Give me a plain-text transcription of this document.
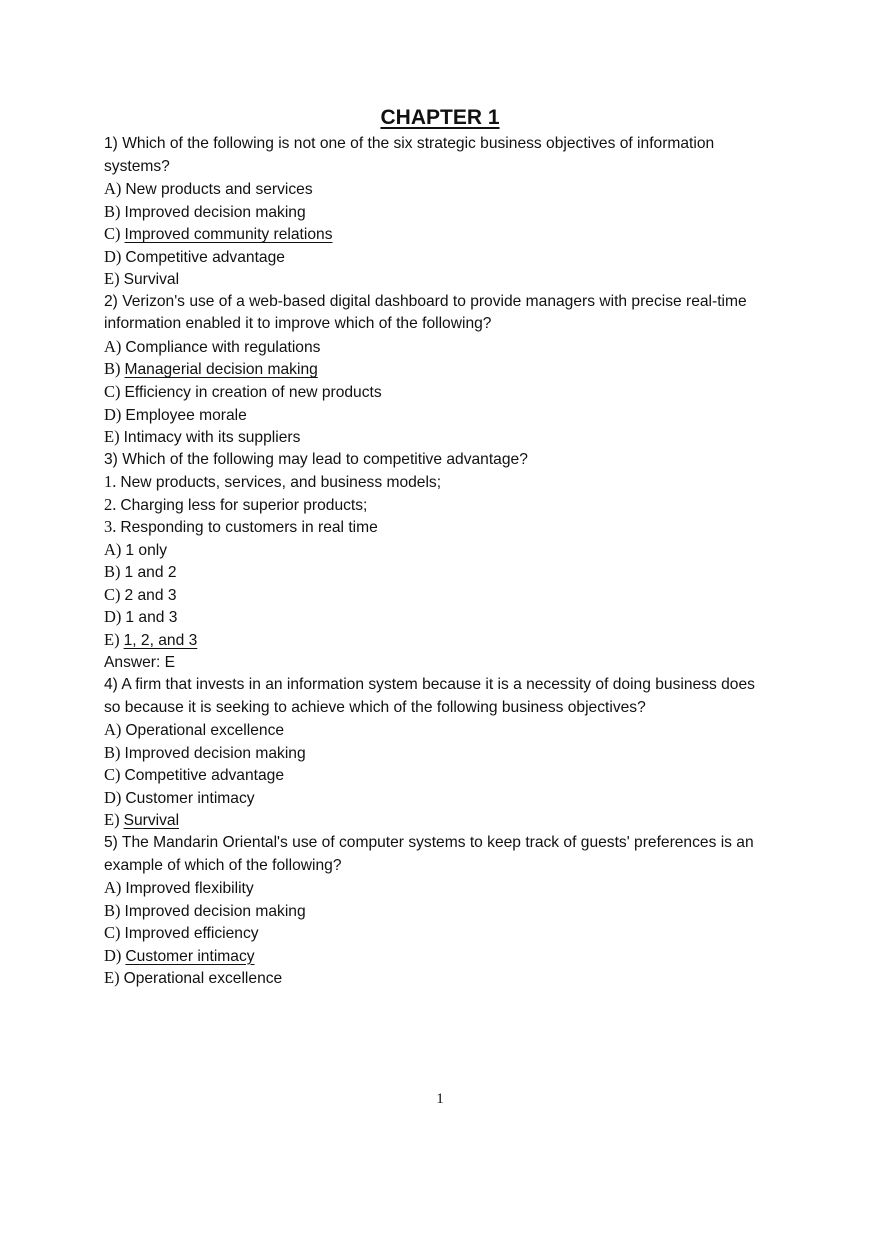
CHAPTER 1
1) Which of the following is not one of the six strategic business objectives of information
systems?
A) New products and services
B) Improved decision making
C) Improved community relations
D) Competitive advantage
E) Survival
2) Verizon's use of a web-based digital dashboard to provide managers with precise real-time
information enabled it to improve which of the following?
A) Compliance with regulations
B) Managerial decision making
C) Efficiency in creation of new products
D) Employee morale
E) Intimacy with its suppliers
3) Which of the following may lead to competitive advantage?
1. New products, services, and business models;
2. Charging less for superior products;
3. Responding to customers in real time
A) 1 only
B) 1 and 2
C) 2 and 3
D) 1 and 3
E) 1, 2, and 3
Answer: E
4) A firm that invests in an information system because it is a necessity of doing business does
so because it is seeking to achieve which of the following business objectives?
A) Operational excellence
B) Improved decision making
C) Competitive advantage
D) Customer intimacy
E) Survival
5) The Mandarin Oriental's use of computer systems to keep track of guests' preferences is an
example of which of the following?
A) Improved flexibility
B) Improved decision making
C) Improved efficiency
D) Customer intimacy
E) Operational excellence
1
